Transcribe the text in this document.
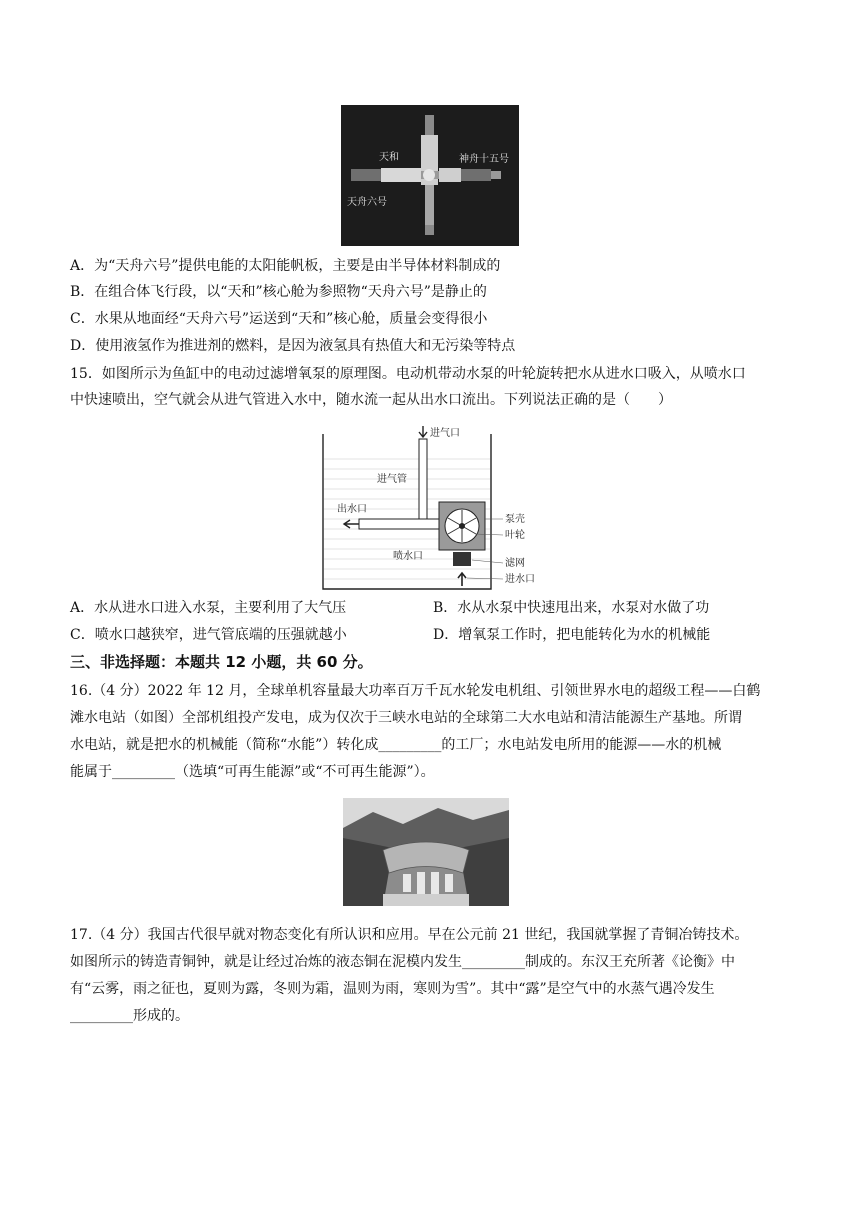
天和	神舟十五号
天舟六号
A．为“天舟六号”提供电能的太阳能帆板，主要是由半导体材料制成的
B．在组合体飞行段，以“天和”核心舱为参照物“天舟六号”是静止的
C．水果从地面经“天舟六号”运送到“天和”核心舱，质量会变得很小
D．使用液氢作为推进剂的燃料，是因为液氢具有热值大和无污染等特点
15．如图所示为鱼缸中的电动过滤增氧泵的原理图。电动机带动水泵的叶轮旋转把水从进水口吸入，从喷水口
中快速喷出，空气就会从进气管进入水中，随水流一起从出水口流出。下列说法正确的是（　　）
进气口
进气管
出水口
喷水口
泵壳
叶轮
滤网
进水口
A．水从进水口进入水泵，主要利用了大气压	B．水从水泵中快速甩出来，水泵对水做了功
C．喷水口越狭窄，进气管底端的压强就越小	D．增氧泵工作时，把电能转化为水的机械能
三、非选择题：本题共 12 小题，共 60 分。
16.（4 分）2022 年 12 月，全球单机容量最大功率百万千瓦水轮发电机组、引领世界水电的超级工程——白鹤
滩水电站（如图）全部机组投产发电，成为仅次于三峡水电站的全球第二大水电站和清洁能源生产基地。所谓
水电站，就是把水的机械能（简称“水能”）转化成_________的工厂；水电站发电所用的能源——水的机械
能属于_________（选填“可再生能源”或“不可再生能源”）。
17.（4 分）我国古代很早就对物态变化有所认识和应用。早在公元前 21 世纪，我国就掌握了青铜冶铸技术。
如图所示的铸造青铜钟，就是让经过冶炼的液态铜在泥模内发生_________制成的。东汉王充所著《论衡》中
有“云雾，雨之征也，夏则为露，冬则为霜，温则为雨，寒则为雪”。其中“露”是空气中的水蒸气遇冷发生
_________形成的。
